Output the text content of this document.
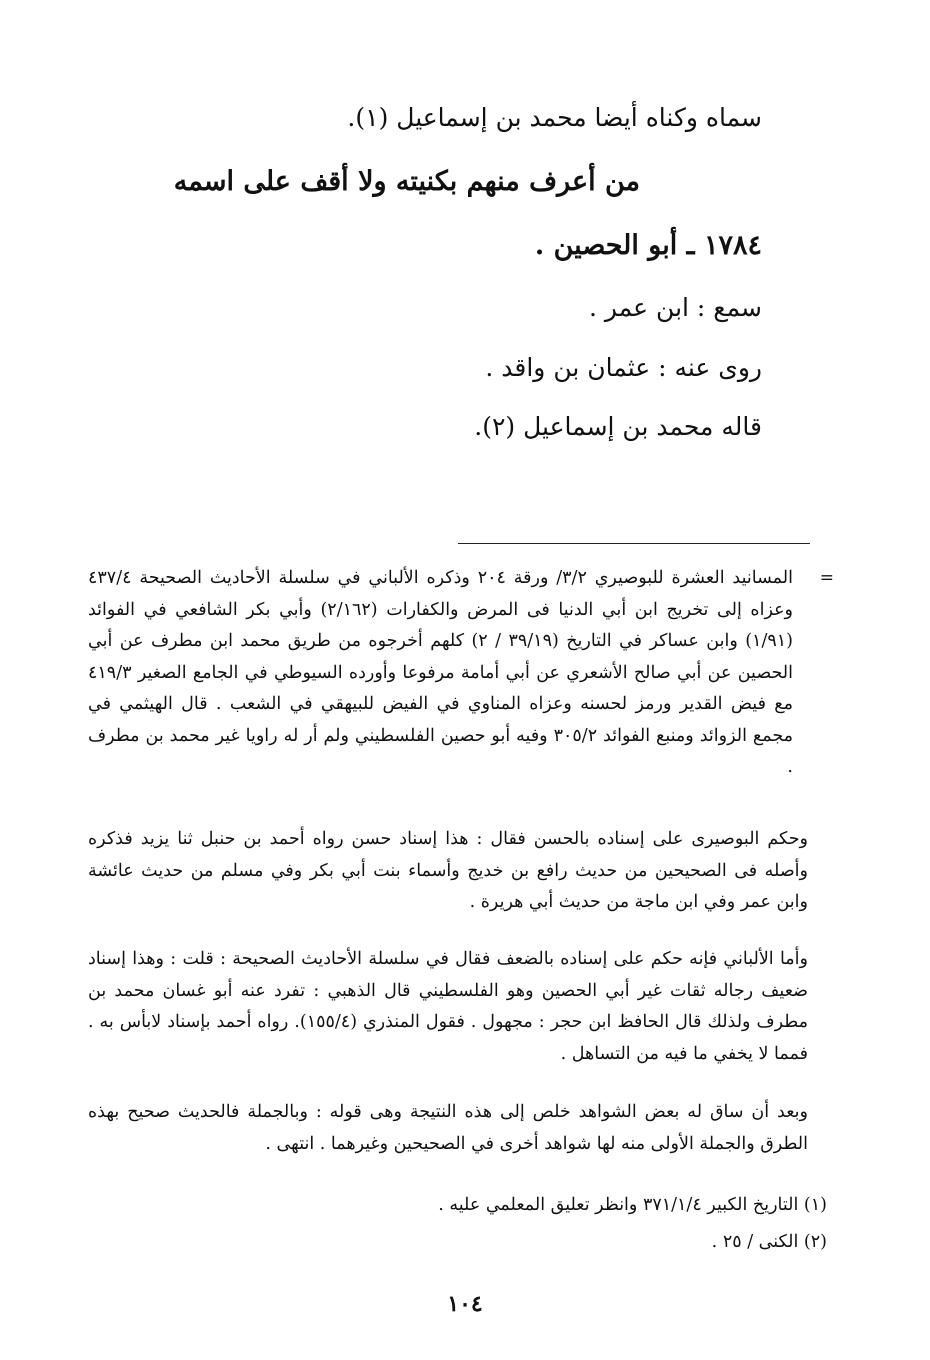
سماه وكناه أيضا محمد بن إسماعيل (١).
من أعرف منهم بكنيته ولا أقف على اسمه
١٧٨٤ ـ أبو الحصين .
سمع : ابن عمر .
روى عنه : عثمان بن واقد .
قاله محمد بن إسماعيل (٢).
=
المسانيد العشرة للبوصيري ٣/٢/ ورقة ٢٠٤ وذكره الألباني في سلسلة الأحاديث الصحيحة ٤٣٧/٤ وعزاه إلى تخريج ابن أبي الدنيا فى المرض والكفارات (٢/١٦٢) وأبي بكر الشافعي في الفوائد (١/٩١) وابن عساكر في التاريخ (٣٩/١٩ / ٢) كلهم أخرجوه من طريق محمد ابن مطرف عن أبي الحصين عن أبي صالح الأشعري عن أبي أمامة مرفوعا وأورده السيوطي في الجامع الصغير ٤١٩/٣ مع فيض القدير ورمز لحسنه وعزاه المناوي في الفيض للبيهقي في الشعب . قال الهيثمي في مجمع الزوائد ومنبع الفوائد ٣٠٥/٢ وفيه أبو حصين الفلسطيني ولم أر له راويا غير محمد بن مطرف .
وحكم البوصيرى على إسناده بالحسن فقال : هذا إسناد حسن رواه أحمد بن حنبل ثنا يزيد فذكره وأصله فى الصحيحين من حديث رافع بن خديج وأسماء بنت أبي بكر وفي مسلم من حديث عائشة وابن عمر وفي ابن ماجة من حديث أبي هريرة .
وأما الألباني فإنه حكم على إسناده بالضعف فقال في سلسلة الأحاديث الصحيحة : قلت : وهذا إسناد ضعيف رجاله ثقات غير أبي الحصين وهو الفلسطيني قال الذهبي : تفرد عنه أبو غسان محمد بن مطرف ولذلك قال الحافظ ابن حجر : مجهول . فقول المنذري (١٥٥/٤). رواه أحمد بإسناد لابأس به . فمما لا يخفي ما فيه من التساهل .
وبعد أن ساق له بعض الشواهد خلص إلى هذه النتيجة وهى قوله : وبالجملة فالحديث صحيح بهذه الطرق والجملة الأولى منه لها شواهد أخرى في الصحيحين وغيرهما . انتهى .
(١) التاريخ الكبير ٣٧١/١/٤ وانظر تعليق المعلمي عليه .
(٢) الكنى / ٢٥ .
١٠٤
